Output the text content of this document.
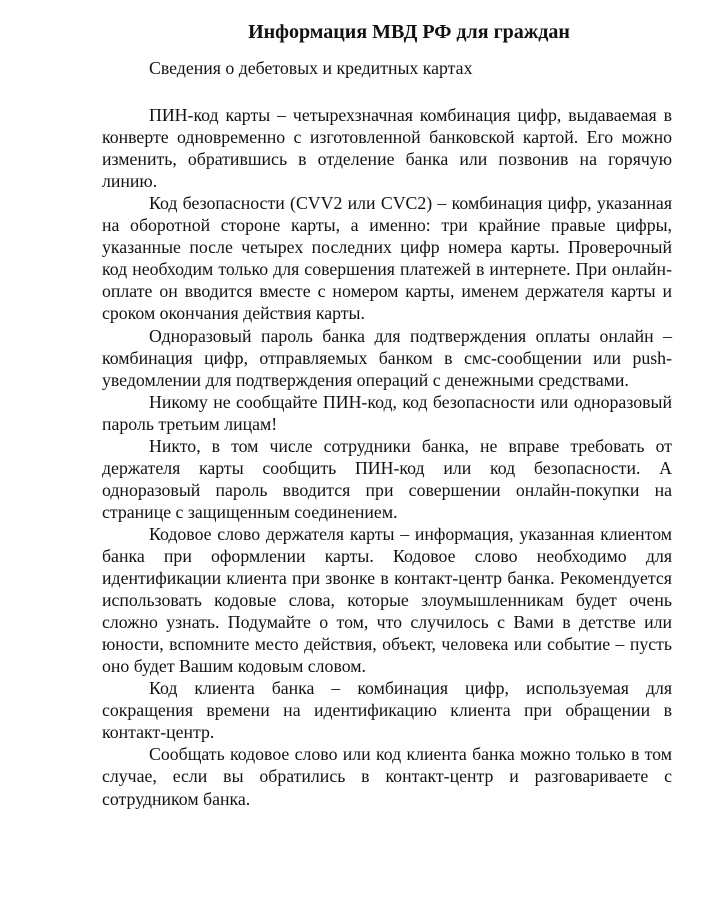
Информация МВД РФ для граждан
Сведения о дебетовых и кредитных картах

ПИН-код карты – четырехзначная комбинация цифр, выдаваемая в конверте одновременно с изготовленной банковской картой. Его можно изменить, обратившись в отделение банка или позвонив на горячую линию.

Код безопасности (CVV2 или CVC2) – комбинация цифр, указанная на оборотной стороне карты, а именно: три крайние правые цифры, указанные после четырех последних цифр номера карты. Проверочный код необходим только для совершения платежей в интернете. При онлайн-оплате он вводится вместе с номером карты, именем держателя карты и сроком окончания действия карты.

Одноразовый пароль банка для подтверждения оплаты онлайн – комбинация цифр, отправляемых банком в смс-сообщении или push- уведомлении для подтверждения операций с денежными средствами.

Никому не сообщайте ПИН-код, код безопасности или одноразовый пароль третьим лицам!

Никто, в том числе сотрудники банка, не вправе требовать от держателя карты сообщить ПИН-код или код безопасности. А одноразовый пароль вводится при совершении онлайн-покупки на странице с защищенным соединением.

Кодовое слово держателя карты – информация, указанная клиентом банка при оформлении карты. Кодовое слово необходимо для идентификации клиента при звонке в контакт-центр банка. Рекомендуется использовать кодовые слова, которые злоумышленникам будет очень сложно узнать. Подумайте о том, что случилось с Вами в детстве или юности, вспомните место действия, объект, человека или событие – пусть оно будет Вашим кодовым словом.

Код клиента банка – комбинация цифр, используемая для сокращения времени на идентификацию клиента при обращении в контакт-центр.

Сообщать кодовое слово или код клиента банка можно только в том случае, если вы обратились в контакт-центр и разговариваете с сотрудником банка.
